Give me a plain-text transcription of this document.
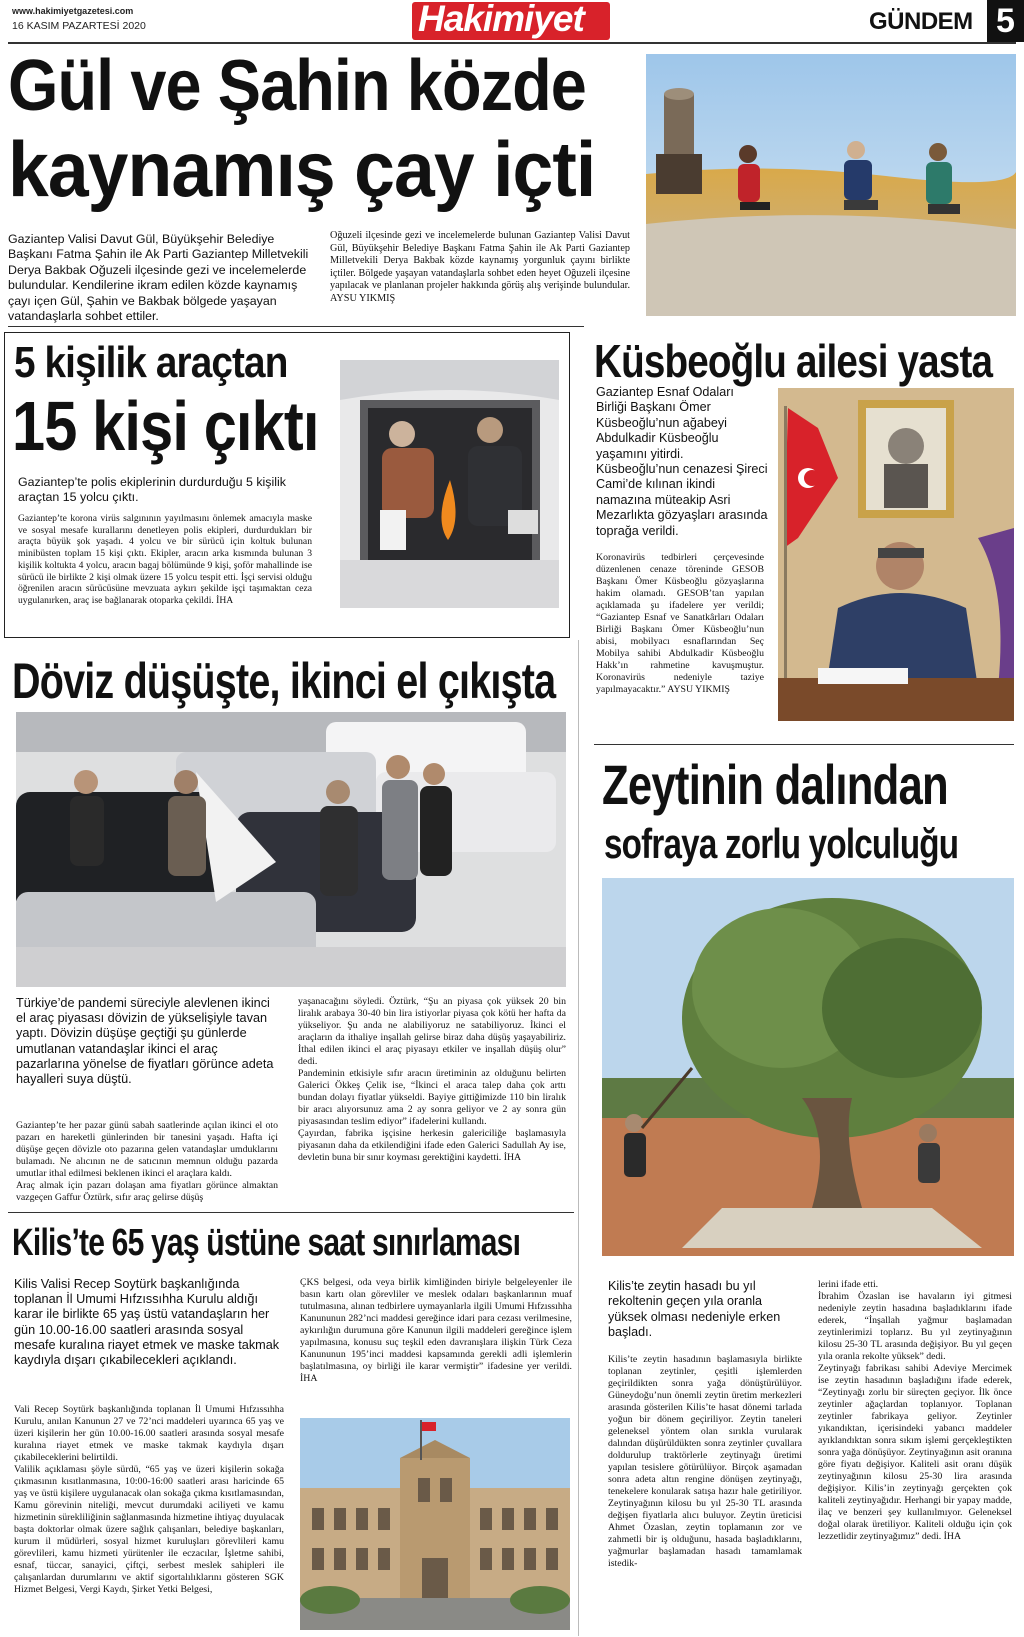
www.hakimiyetgazetesi.com
16 KASIM PAZARTESİ 2020	Hakimiyet	GÜNDEM 5
Gül ve Şahin közde
kaynamış çay içti
Gaziantep Valisi Davut Gül, Büyükşehir Belediye Başkanı Fatma Şahin ile Ak Parti Gaziantep Milletvekili Derya Bakbak Oğuzeli ilçesinde gezi ve incelemelerde bulundular. Kendilerine ikram edilen közde kaynamış çayı içen Gül, Şahin ve Bakbak bölgede yaşayan vatandaşlarla sohbet ettiler.
Oğuzeli ilçesinde gezi ve incelemelerde bulunan Gaziantep Valisi Davut Gül, Büyükşehir Belediye Başkanı Fatma Şahin ile Ak Parti Gaziantep Milletvekili Derya Bakbak közde kaynamış yorgunluk çayını birlikte içtiler. Bölgede yaşayan vatandaşlarla sohbet eden heyet Oğuzeli ilçesine yapılacak ve planlanan projeler hakkında görüş alış verişinde bulundular. AYSU YIKMIŞ
5 kişilik araçtan
15 kişi çıktı
Gaziantep’te polis ekiplerinin durdurduğu 5 kişilik araçtan 15 yolcu çıktı.
Gaziantep’te korona virüs salgınının yayılmasını önlemek amacıyla maske ve sosyal mesafe kurallarını denetleyen polis ekipleri, durdurdukları bir araçta büyük şok yaşadı. 4 yolcu ve bir sürücü için koltuk bulunan minibüsten toplam 15 kişi çıktı. Ekipler, aracın arka kısmında bulunan 3 kişilik koltukta 4 yolcu, aracın bagaj bölümünde 9 kişi, şoför mahallinde ise sürücü ile birlikte 2 kişi olmak üzere 15 yolcu tespit etti. İşçi servisi olduğu öğrenilen aracın sürücüsüne mevzuata aykırı şekilde işçi taşımaktan ceza uygulanırken, araç ise bağlanarak otoparka çekildi. İHA
Küsbeoğlu ailesi yasta
Gaziantep Esnaf Odaları Birliği Başkanı Ömer Küsbeoğlu’nun ağabeyi Abdulkadir Küsbeoğlu yaşamını yitirdi. Küsbeoğlu’nun cenazesi Şireci Cami’de kılınan ikindi namazına müteakip Asri Mezarlıkta gözyaşları arasında toprağa verildi.
Koronavirüs tedbirleri çerçevesinde düzenlenen cenaze töreninde GESOB Başkanı Ömer Küsbeoğlu gözyaşlarına hakim olamadı. GESOB’tan yapılan açıklamada şu ifadelere yer verildi; “Gaziantep Esnaf ve Sanatkârları Odaları Birliği Başkanı Ömer Küsbeoğlu’nun abisi, mobilyacı esnaflarından Seç Mobilya sahibi Abdulkadir Küsbeoğlu Hakk’ın rahmetine kavuşmuştur. Koronavirüs nedeniyle taziye yapılmayacaktır.” AYSU YIKMIŞ
Döviz düşüşte, ikinci el çıkışta
Türkiye’de pandemi süreciyle alevlenen ikinci el araç piyasası dövizin de yükselişiyle tavan yaptı. Dövizin düşüşe geçtiği şu günlerde umutlanan vatandaşlar ikinci el araç pazarlarına yönelse de fiyatları görünce adeta hayalleri suya düştü.
Gaziantep’te her pazar günü sabah saatlerinde açılan ikinci el oto pazarı en hareketli günlerinden bir tanesini yaşadı. Hafta içi düşüşe geçen dövizle oto pazarına gelen vatandaşlar umduklarını bulamadı. Ne alıcının ne de satıcının memnun olduğu pazarda umutlar ithal edilmesi beklenen ikinci el araçlara kaldı.
Araç almak için pazarı dolaşan ama fiyatları görünce almaktan vazgeçen Gaffur Öztürk, sıfır araç gelirse düşüş
yaşanacağını söyledi. Öztürk, “Şu an piyasa çok yüksek 20 bin liralık arabaya 30-40 bin lira istiyorlar piyasa çok kötü her hafta da yükseliyor. Şu anda ne alabiliyoruz ne satabiliyoruz. İkinci el araçların da ithaliye inşallah gelirse biraz daha düşüş yaşayabiliriz. İthal edilen ikinci el araç piyasayı etkiler ve inşallah düşüş olur” dedi.
Pandeminin etkisiyle sıfır aracın üretiminin az olduğunu belirten Galerici Ökkeş Çelik ise, “İkinci el araca talep daha çok arttı bundan dolayı fiyatlar yükseldi. Bayiye gittiğimizde 110 bin liralık bir aracı alıyorsunuz ama 2 ay sonra geliyor ve 2 ay sonra gün piyasasından teslim ediyor” ifadelerini kullandı.
Çayırdan, fabrika işçisine herkesin galericiliğe başlamasıyla piyasanın daha da etkilendiğini ifade eden Galerici Sadullah Ay ise, devletin buna bir sınır koyması gerektiğini kaydetti. İHA
Zeytinin dalından
sofraya zorlu yolculuğu
Kilis’te zeytin hasadı bu yıl rekoltenin geçen yıla oranla yüksek olması nedeniyle erken başladı.
Kilis’te zeytin hasadının başlamasıyla birlikte toplanan zeytinler, çeşitli işlemlerden geçirildikten sonra yağa dönüştürülüyor. Güneydoğu’nun önemli zeytin üretim merkezleri arasında gösterilen Kilis’te hasat dönemi tarlada yoğun bir dönem geçiriliyor. Zeytin taneleri geleneksel yöntem olan sırıkla vurularak dalından düşürüldükten sonra zeytinler çuvallara doldurulup traktörlerle zeytinyağı üretimi yapılan tesislere götürülüyor. Birçok aşamadan sonra adeta altın rengine dönüşen zeytinyağı, tenekelere konularak satışa hazır hale getiriliyor. Zeytinyağının kilosu bu yıl 25-30 TL arasında değişen fiyatlarla alıcı buluyor. Zeytin üreticisi Ahmet Özaslan, zeytin toplamanın zor ve zahmetli bir iş olduğunu, hasada başladıklarını, yağmurlar başlamadan hasadı tamamlamak istedik-
lerini ifade etti.
İbrahim Özaslan ise havaların iyi gitmesi nedeniyle zeytin hasadına başladıklarını ifade ederek, “İnşallah yağmur başlamadan zeytinlerimizi toplarız. Bu yıl zeytinyağının kilosu 25-30 TL arasında değişiyor. Bu yıl geçen yıla oranla rekolte yüksek” dedi.
Zeytinyağı fabrikası sahibi Adeviye Mercimek ise zeytin hasadının başladığını ifade ederek, “Zeytinyağı zorlu bir süreçten geçiyor. İlk önce zeytinler ağaçlardan toplanıyor. Toplanan zeytinler fabrikaya geliyor. Zeytinler yıkandıktan, içerisindeki yabancı maddeler ayıklandıktan sonra sıkım işlemi gerçekleştikten sonra yağa dönüşüyor. Zeytinyağının asit oranına göre fiyatı değişiyor. Kaliteli asit oranı düşük zeytinyağının kilosu 25-30 lira arasında değişiyor. Kilis’in zeytinyağı gerçekten çok kaliteli zeytinyağıdır. Herhangi bir yapay madde, ilaç ve benzeri şey kullanılmıyor. Geleneksel doğal olarak üretiliyor. Kaliteli olduğu için çok lezzetlidir zeytinyağımız” dedi. İHA
Kilis’te 65 yaş üstüne saat sınırlaması
Kilis Valisi Recep Soytürk başkanlığında toplanan İl Umumi Hıfzıssıhha Kurulu aldığı karar ile birlikte 65 yaş üstü vatandaşların her gün 10.00-16.00 saatleri arasında sosyal mesafe kuralına riayet etmek ve maske takmak kaydıyla dışarı çıkabilecekleri açıklandı.
Vali Recep Soytürk başkanlığında toplanan İl Umumi Hıfzıssıhha Kurulu, anılan Kanunun 27 ve 72’nci maddeleri uyarınca 65 yaş ve üzeri kişilerin her gün 10.00-16.00 saatleri arasında sosyal mesafe kuralına riayet etmek ve maske takmak kaydıyla dışarı çıkabileceklerini belirtildi.
Valilik açıklaması şöyle sürdü, “65 yaş ve üzeri kişilerin sokağa çıkmasının kısıtlanmasına, 10:00-16:00 saatleri arası haricinde 65 yaş ve üstü kişilere uygulanacak olan sokağa çıkma kısıtlamasından, Kamu görevinin niteliği, mevcut durumdaki aciliyeti ve kamu hizmetinin sürekliliğinin sağlanmasında hizmetine ihtiyaç duyulacak başta doktorlar olmak üzere sağlık çalışanları, belediye başkanları, kurum il müdürleri, sosyal hizmet kuruluşları görevlileri kamu görevlileri, kamu hizmeti yürütenler ile eczacılar, İşletme sahibi, esnaf, tüccar, sanayici, çiftçi, serbest meslek sahipleri ile çalışanlardan durumlarını ve aktif sigortalılıklarını gösteren SGK Hizmet Belgesi, Vergi Kaydı, Şirket Yetki Belgesi,
ÇKS belgesi, oda veya birlik kimliğinden biriyle belgeleyenler ile basın kartı olan görevliler ve meslek odaları başkanlarının muaf tutulmasına, alınan tedbirlere uymayanlarla ilgili Umumi Hıfzıssıhha Kanununun 282’nci maddesi gereğince idari para cezası verilmesine, aykırılığın durumuna göre Kanunun ilgili maddeleri gereğince işlem yapılmasına, konusu suç teşkil eden davranışlara ilişkin Türk Ceza Kanununun 195’inci maddesi kapsamında gerekli adli işlemlerin başlatılmasına, oy birliği ile karar vermiştir” ifadesine yer verildi. İHA
